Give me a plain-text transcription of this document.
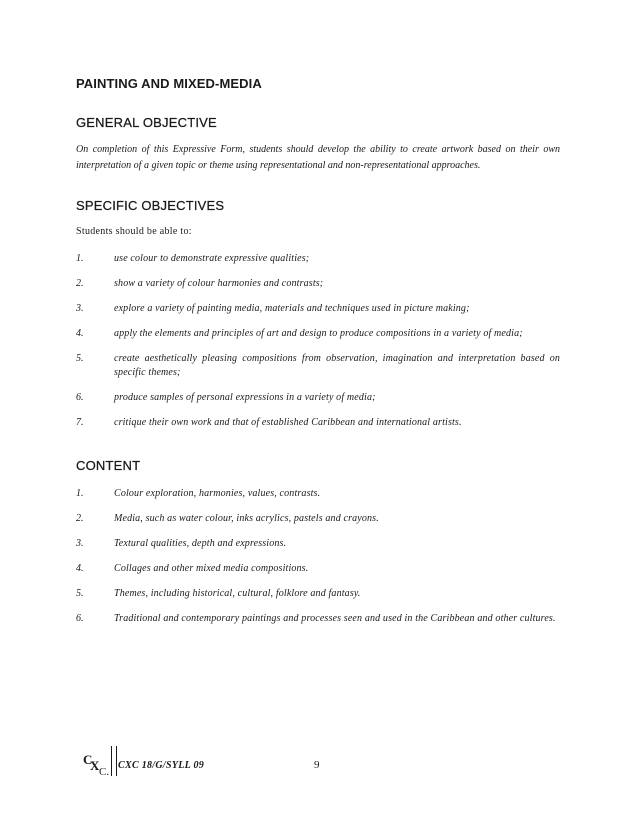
PAINTING AND MIXED-MEDIA
GENERAL OBJECTIVE

On completion of this Expressive Form, students should develop the ability to create artwork based on their own interpretation of a given topic or theme using representational and non-representational approaches.

SPECIFIC OBJECTIVES

Students should be able to:

1.	use colour to demonstrate expressive qualities;
2.	show a variety of colour harmonies and contrasts;
3.	explore a variety of painting media, materials and techniques used in picture making;
4.	apply the elements and principles of art and design to produce compositions in a variety of media;
5.	create aesthetically pleasing compositions from observation, imagination and interpretation based on specific themes;
6.	produce samples of personal expressions in a variety of media;
7.	critique their own work and that of established Caribbean and international artists.
CONTENT
1.	Colour exploration, harmonies, values, contrasts.
2.	Media, such as water colour, inks acrylics, pastels and crayons.
3.	Textural qualities, depth and expressions.
4.	Collages and other mixed media compositions.
5.	Themes, including historical, cultural, folklore and fantasy.
6.	Traditional and contemporary paintings and processes seen and used in the Caribbean and other cultures.
C
X C.
CXC 18/G/SYLL 09	9
